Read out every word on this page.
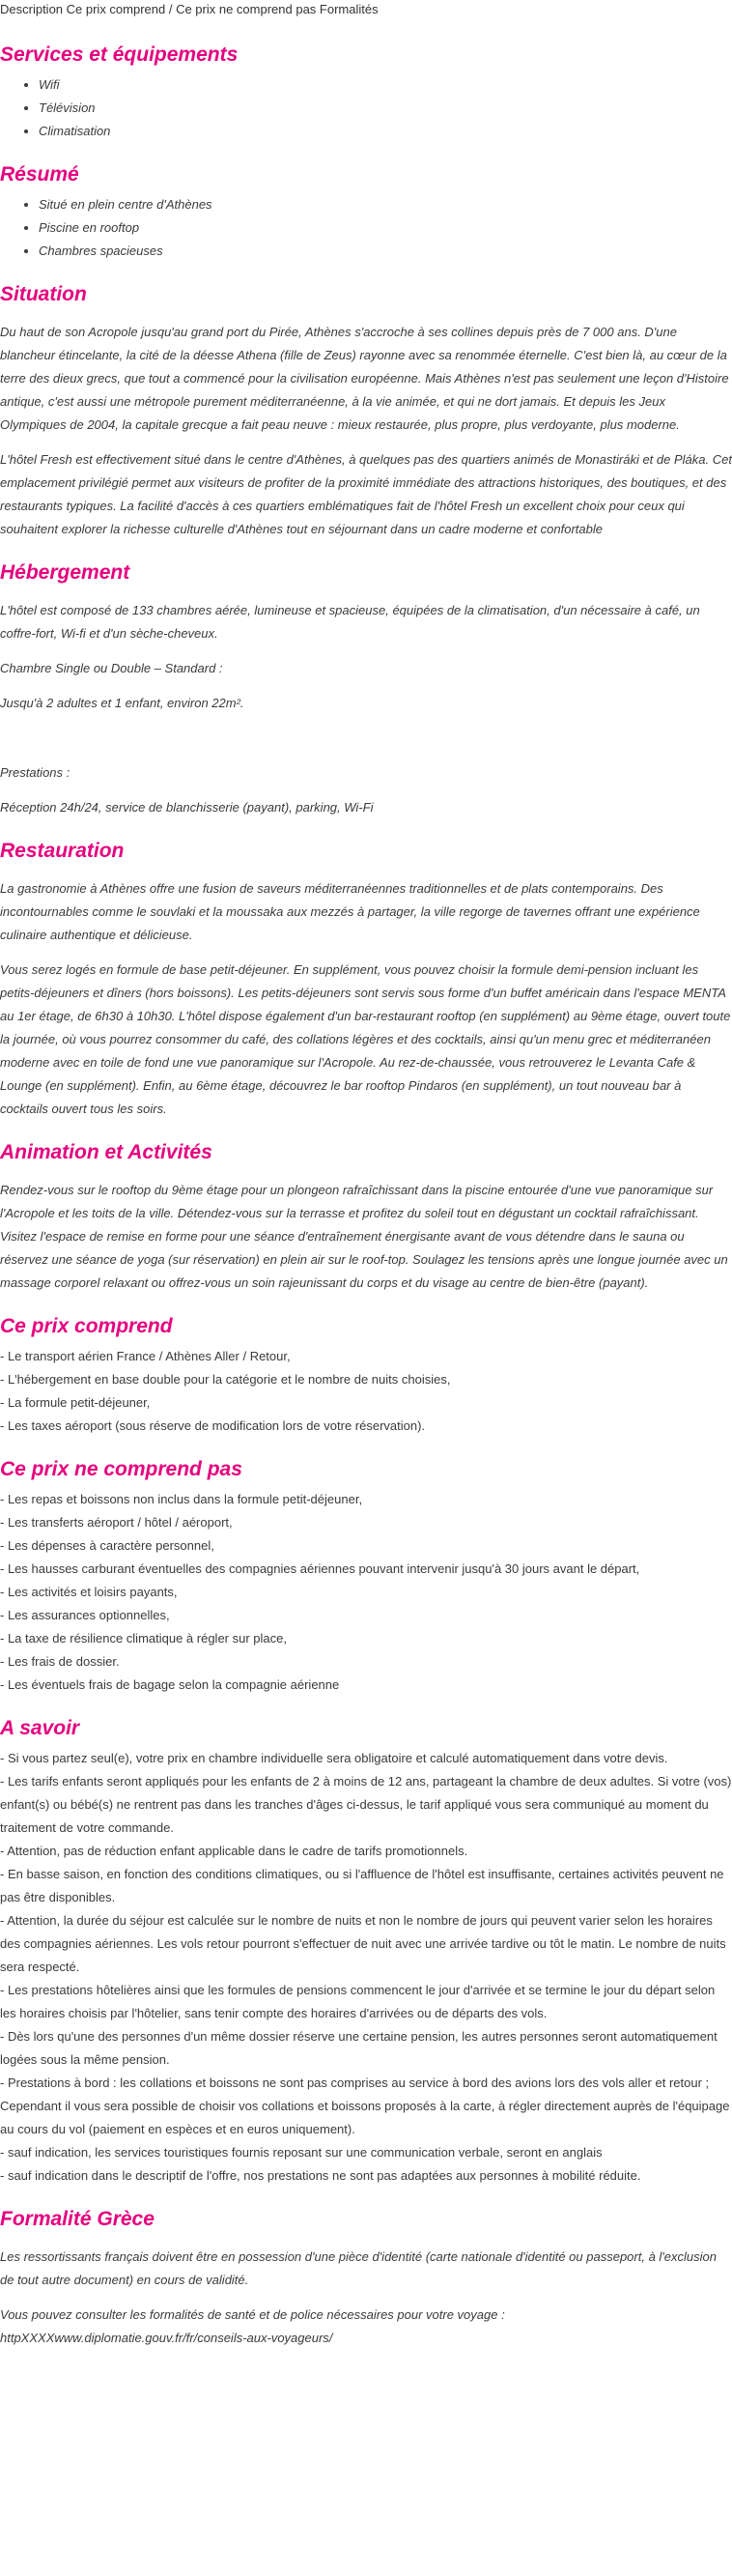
Description Ce prix comprend / Ce prix ne comprend pas Formalités
Services et équipements
• Wifi
• Télévision
• Climatisation
Résumé
• Situé en plein centre d'Athènes
• Piscine en rooftop
• Chambres spacieuses
Situation

Du haut de son Acropole jusqu'au grand port du Pirée, Athènes s'accroche à ses collines depuis près de 7 000 ans. D'une blancheur étincelante, la cité de la déesse Athena (fille de Zeus) rayonne avec sa renommée éternelle. C'est bien là, au cœur de la terre des dieux grecs, que tout a commencé pour la civilisation européenne. Mais Athènes n'est pas seulement une leçon d'Histoire antique, c'est aussi une métropole purement méditerranéenne, à la vie animée, et qui ne dort jamais. Et depuis les Jeux Olympiques de 2004, la capitale grecque a fait peau neuve : mieux restaurée, plus propre, plus verdoyante, plus moderne.

L'hôtel Fresh est effectivement situé dans le centre d'Athènes, à quelques pas des quartiers animés de Monastiráki et de Pláka. Cet emplacement privilégié permet aux visiteurs de profiter de la proximité immédiate des attractions historiques, des boutiques, et des restaurants typiques. La facilité d'accès à ces quartiers emblématiques fait de l'hôtel Fresh un excellent choix pour ceux qui souhaitent explorer la richesse culturelle d'Athènes tout en séjournant dans un cadre moderne et confortable

Hébergement

L'hôtel est composé de 133 chambres aérée, lumineuse et spacieuse, équipées de la climatisation, d'un nécessaire à café, un coffre-fort, Wi-fi et d'un sèche-cheveux.

Chambre Single ou Double – Standard :

Jusqu'à 2 adultes et 1 enfant, environ 22m².

Prestations :

Réception 24h/24, service de blanchisserie (payant), parking, Wi-Fi

Restauration

La gastronomie à Athènes offre une fusion de saveurs méditerranéennes traditionnelles et de plats contemporains. Des incontournables comme le souvlaki et la moussaka aux mezzés à partager, la ville regorge de tavernes offrant une expérience culinaire authentique et délicieuse.

Vous serez logés en formule de base petit-déjeuner. En supplément, vous pouvez choisir la formule demi-pension incluant les petits-déjeuners et dîners (hors boissons). Les petits-déjeuners sont servis sous forme d'un buffet américain dans l'espace MENTA au 1er étage, de 6h30 à 10h30. L'hôtel dispose également d'un bar-restaurant rooftop (en supplément) au 9ème étage, ouvert toute la journée, où vous pourrez consommer du café, des collations légères et des cocktails, ainsi qu'un menu grec et méditerranéen moderne avec en toile de fond une vue panoramique sur l'Acropole. Au rez-de-chaussée, vous retrouverez le Levanta Cafe & Lounge (en supplément). Enfin, au 6ème étage, découvrez le bar rooftop Pindaros (en supplément), un tout nouveau bar à cocktails ouvert tous les soirs.

Animation et Activités

Rendez-vous sur le rooftop du 9ème étage pour un plongeon rafraîchissant dans la piscine entourée d'une vue panoramique sur l'Acropole et les toits de la ville. Détendez-vous sur la terrasse et profitez du soleil tout en dégustant un cocktail rafraîchissant. Visitez l'espace de remise en forme pour une séance d'entraînement énergisante avant de vous détendre dans le sauna ou réservez une séance de yoga (sur réservation) en plein air sur le roof-top. Soulagez les tensions après une longue journée avec un massage corporel relaxant ou offrez-vous un soin rajeunissant du corps et du visage au centre de bien-être (payant).

Ce prix comprend
- Le transport aérien France / Athènes Aller / Retour,
- L'hébergement en base double pour la catégorie et le nombre de nuits choisies,
- La formule petit-déjeuner,
- Les taxes aéroport (sous réserve de modification lors de votre réservation).
Ce prix ne comprend pas
- Les repas et boissons non inclus dans la formule petit-déjeuner,
- Les transferts aéroport / hôtel / aéroport,
- Les dépenses à caractère personnel,
- Les hausses carburant éventuelles des compagnies aériennes pouvant intervenir jusqu'à 30 jours avant le départ,
- Les activités et loisirs payants,
- Les assurances optionnelles,
- La taxe de résilience climatique à régler sur place,
- Les frais de dossier.
- Les éventuels frais de bagage selon la compagnie aérienne
A savoir
- Si vous partez seul(e), votre prix en chambre individuelle sera obligatoire et calculé automatiquement dans votre devis.
- Les tarifs enfants seront appliqués pour les enfants de 2 à moins de 12 ans, partageant la chambre de deux adultes. Si votre (vos) enfant(s) ou bébé(s) ne rentrent pas dans les tranches d'âges ci-dessus, le tarif appliqué vous sera communiqué au moment du traitement de votre commande.
- Attention, pas de réduction enfant applicable dans le cadre de tarifs promotionnels.
- En basse saison, en fonction des conditions climatiques, ou si l'affluence de l'hôtel est insuffisante, certaines activités peuvent ne pas être disponibles.
- Attention, la durée du séjour est calculée sur le nombre de nuits et non le nombre de jours qui peuvent varier selon les horaires des compagnies aériennes. Les vols retour pourront s'effectuer de nuit avec une arrivée tardive ou tôt le matin. Le nombre de nuits sera respecté.
- Les prestations hôtelières ainsi que les formules de pensions commencent le jour d'arrivée et se termine le jour du départ selon les horaires choisis par l'hôtelier, sans tenir compte des horaires d'arrivées ou de départs des vols.
- Dès lors qu'une des personnes d'un même dossier réserve une certaine pension, les autres personnes seront automatiquement logées sous la même pension.
- Prestations à bord : les collations et boissons ne sont pas comprises au service à bord des avions lors des vols aller et retour ; Cependant il vous sera possible de choisir vos collations et boissons proposés à la carte, à régler directement auprès de l'équipage au cours du vol (paiement en espèces et en euros uniquement).
- sauf indication, les services touristiques fournis reposant sur une communication verbale, seront en anglais
- sauf indication dans le descriptif de l'offre, nos prestations ne sont pas adaptées aux personnes à mobilité réduite.
Formalité Grèce

Les ressortissants français doivent être en possession d'une pièce d'identité (carte nationale d'identité ou passeport, à l'exclusion de tout autre document) en cours de validité.

Vous pouvez consulter les formalités de santé et de police nécessaires pour votre voyage :

httpXXXXwww.diplomatie.gouv.fr/fr/conseils-aux-voyageurs/
